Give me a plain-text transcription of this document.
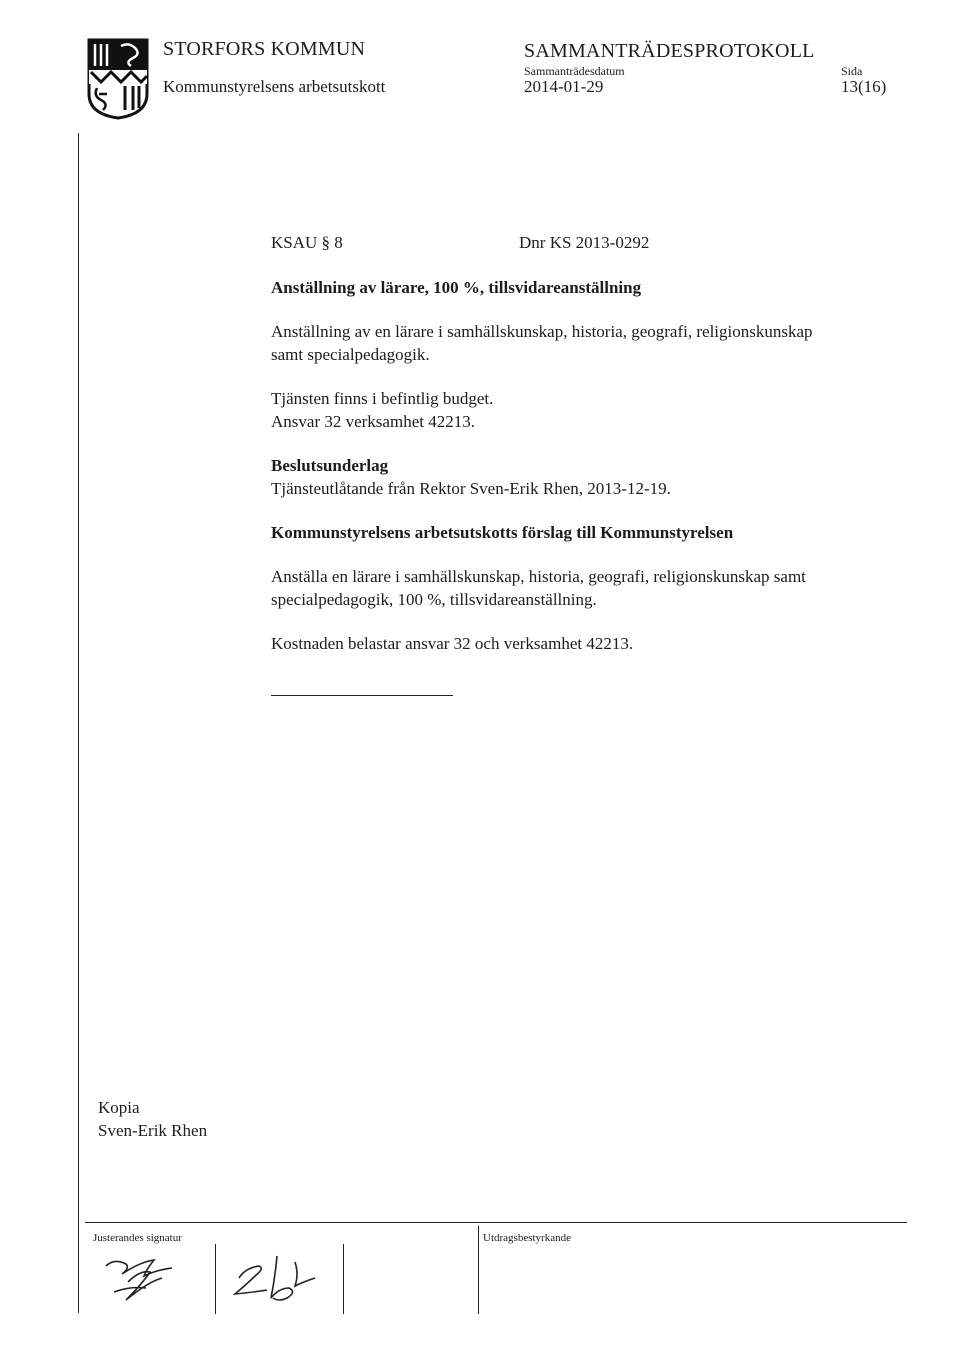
STORFORS KOMMUN
Kommunstyrelsens arbetsutskott
SAMMANTRÄDESPROTOKOLL
Sammanträdesdatum
2014-01-29
Sida
13(16)
KSAU § 8	Dnr KS 2013-0292
Anställning av lärare, 100 %, tillsvidareanställning
Anställning av en lärare i samhällskunskap, historia, geografi, religionskunskap
samt specialpedagogik.
Tjänsten finns i befintlig budget.
Ansvar 32 verksamhet 42213.
Beslutsunderlag
Tjänsteutlåtande från Rektor Sven-Erik Rhen, 2013-12-19.
Kommunstyrelsens arbetsutskotts förslag till Kommunstyrelsen
Anställa en lärare i samhällskunskap, historia, geografi, religionskunskap samt
specialpedagogik, 100 %, tillsvidareanställning.
Kostnaden belastar ansvar 32 och verksamhet 42213.
Kopia
Sven-Erik Rhen
Justerandes signatur	Utdragsbestyrkande
